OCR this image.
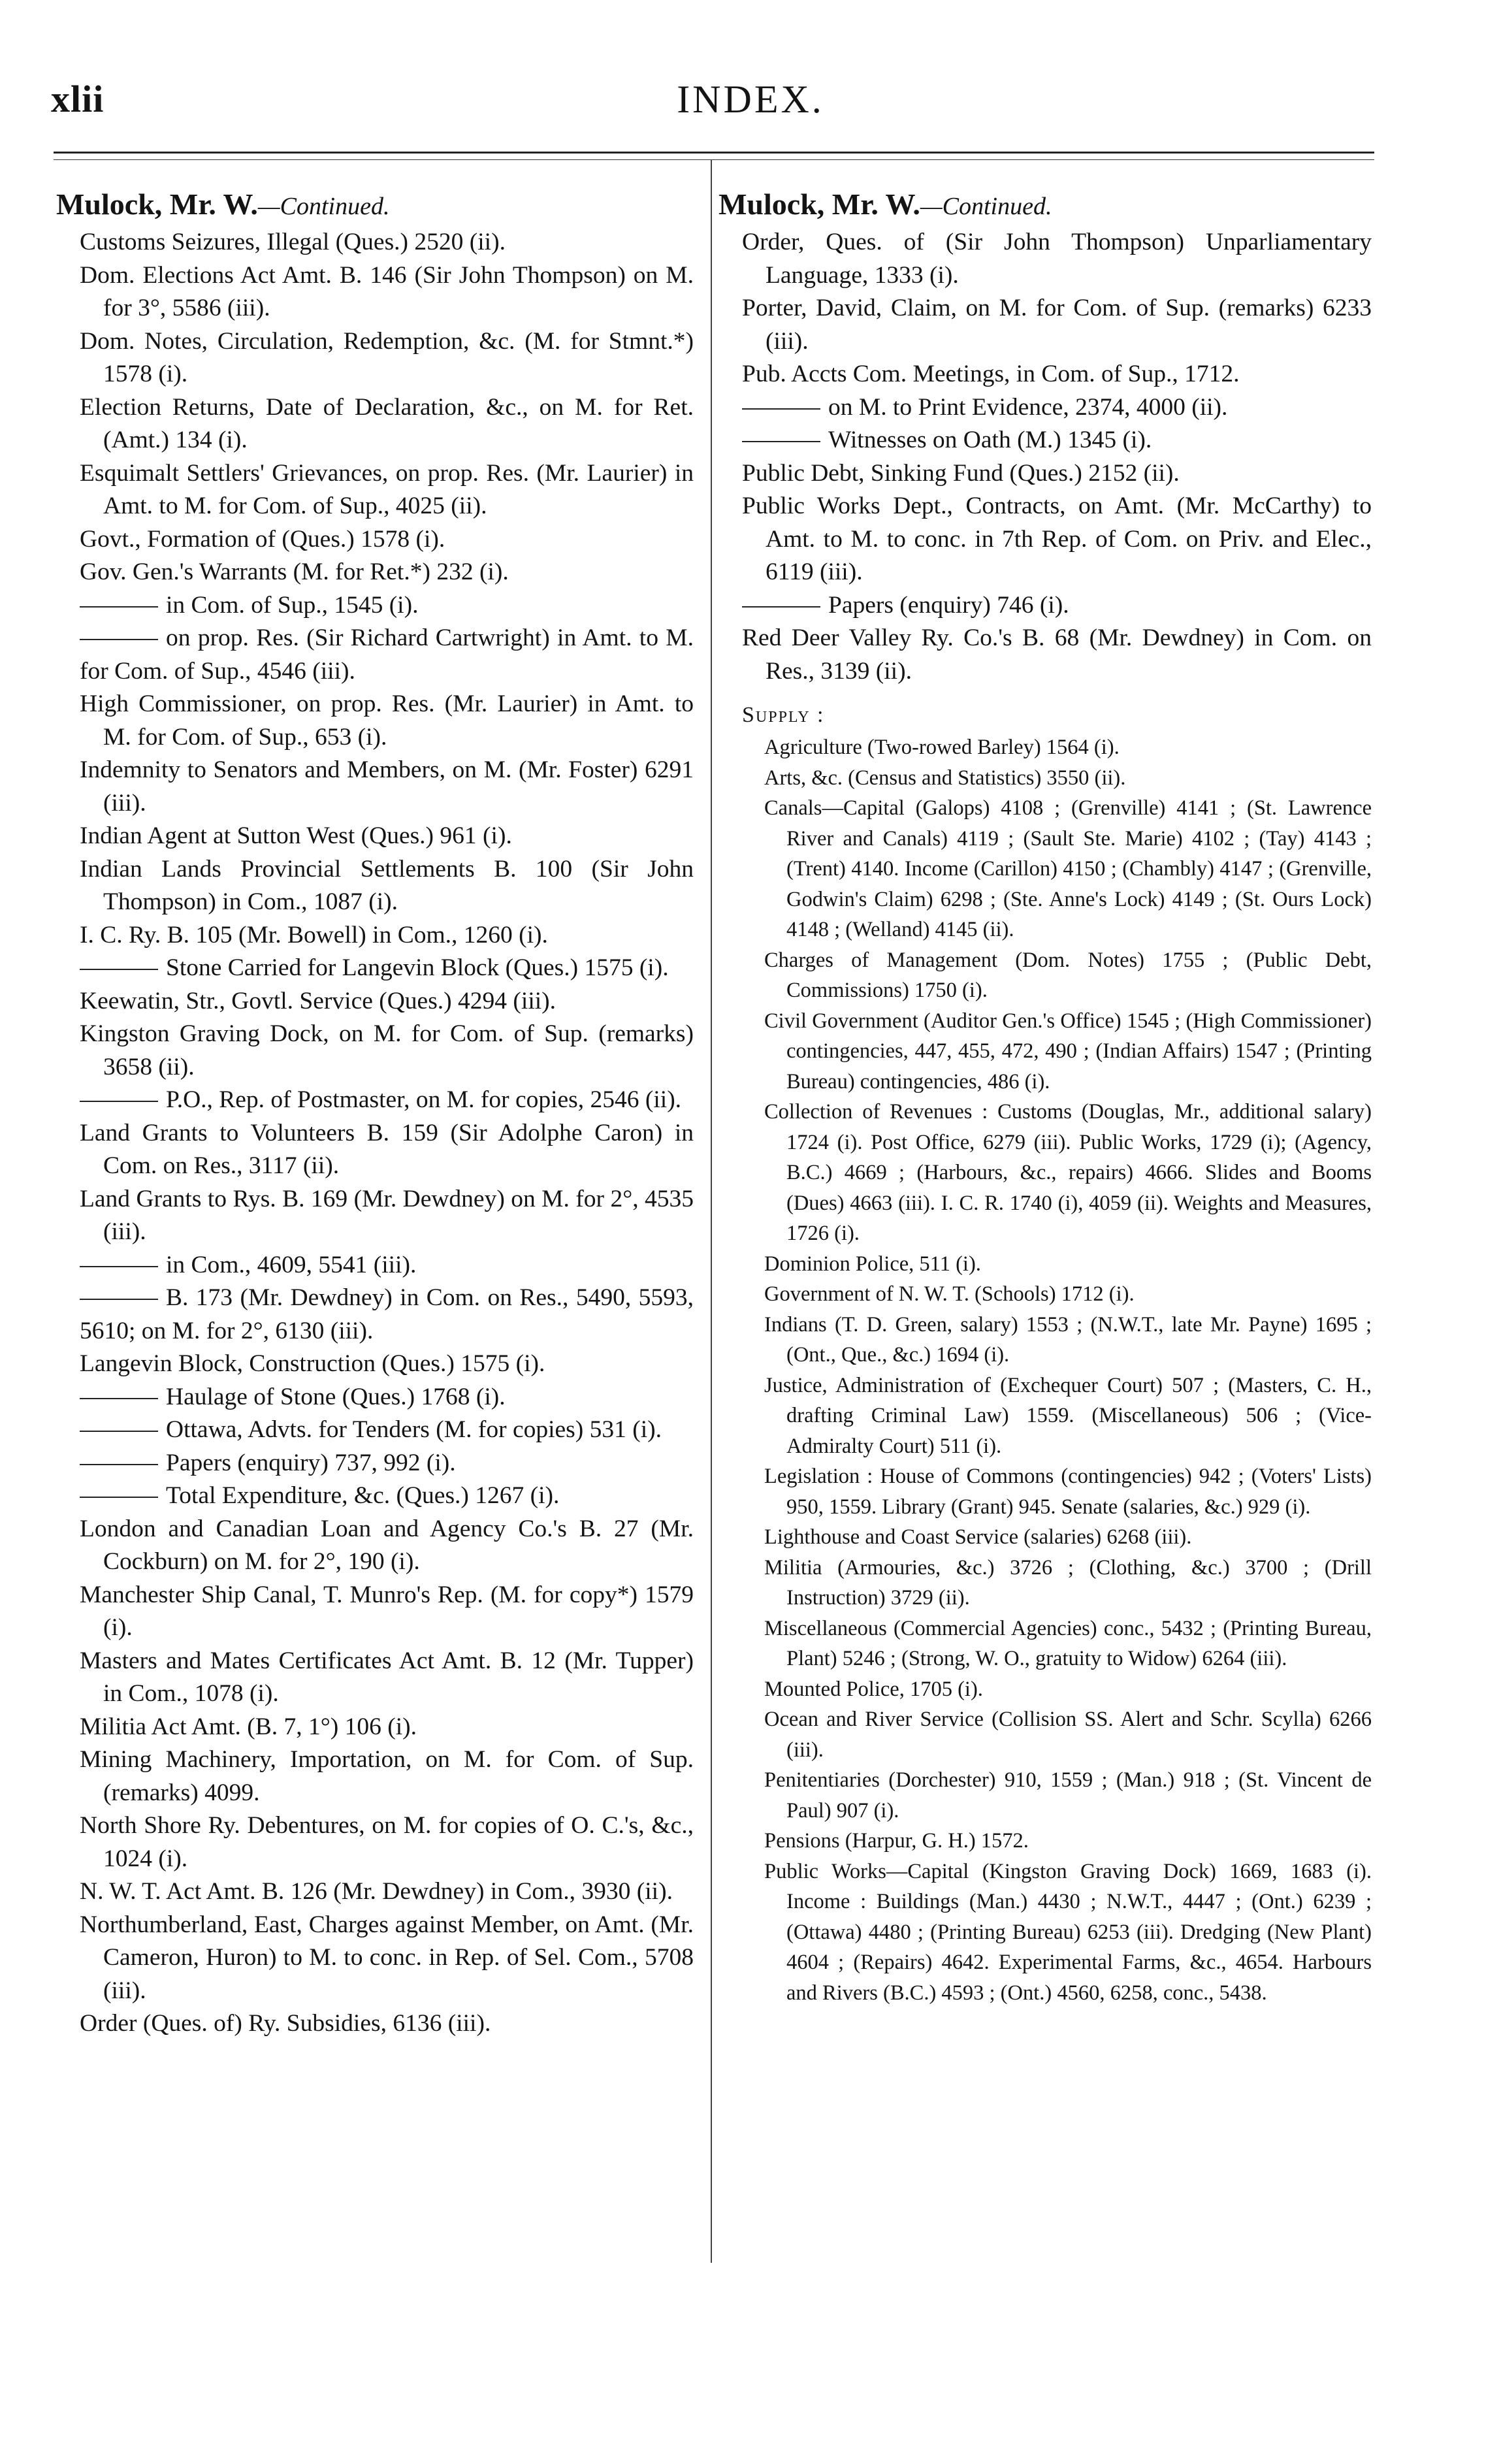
xlii	INDEX.
Mulock, Mr. W.—Continued.
Customs Seizures, Illegal (Ques.) 2520 (ii).
Dom. Elections Act Amt. B. 146 (Sir John Thompson) on M. for 3°, 5586 (iii).
Dom. Notes, Circulation, Redemption, &c. (M. for Stmnt.*) 1578 (i).
Election Returns, Date of Declaration, &c., on M. for Ret. (Amt.) 134 (i).
Esquimalt Settlers' Grievances, on prop. Res. (Mr. Laurier) in Amt. to M. for Com. of Sup., 4025 (ii).
Govt., Formation of (Ques.) 1578 (i).
Gov. Gen.'s Warrants (M. for Ret.*) 232 (i).
in Com. of Sup., 1545 (i).
on prop. Res. (Sir Richard Cartwright) in Amt. to M. for Com. of Sup., 4546 (iii).
High Commissioner, on prop. Res. (Mr. Laurier) in Amt. to M. for Com. of Sup., 653 (i).
Indemnity to Senators and Members, on M. (Mr. Foster) 6291 (iii).
Indian Agent at Sutton West (Ques.) 961 (i).
Indian Lands Provincial Settlements B. 100 (Sir John Thompson) in Com., 1087 (i).
I. C. Ry. B. 105 (Mr. Bowell) in Com., 1260 (i).
Stone Carried for Langevin Block (Ques.) 1575 (i).
Keewatin, Str., Govtl. Service (Ques.) 4294 (iii).
Kingston Graving Dock, on M. for Com. of Sup. (remarks) 3658 (ii).
P.O., Rep. of Postmaster, on M. for copies, 2546 (ii).
Land Grants to Volunteers B. 159 (Sir Adolphe Caron) in Com. on Res., 3117 (ii).
Land Grants to Rys. B. 169 (Mr. Dewdney) on M. for 2°, 4535 (iii).
in Com., 4609, 5541 (iii).
B. 173 (Mr. Dewdney) in Com. on Res., 5490, 5593, 5610; on M. for 2°, 6130 (iii).
Langevin Block, Construction (Ques.) 1575 (i).
Haulage of Stone (Ques.) 1768 (i).
Ottawa, Advts. for Tenders (M. for copies) 531 (i).
Papers (enquiry) 737, 992 (i).
Total Expenditure, &c. (Ques.) 1267 (i).
London and Canadian Loan and Agency Co.'s B. 27 (Mr. Cockburn) on M. for 2°, 190 (i).
Manchester Ship Canal, T. Munro's Rep. (M. for copy*) 1579 (i).
Masters and Mates Certificates Act Amt. B. 12 (Mr. Tupper) in Com., 1078 (i).
Militia Act Amt. (B. 7, 1°) 106 (i).
Mining Machinery, Importation, on M. for Com. of Sup. (remarks) 4099.
North Shore Ry. Debentures, on M. for copies of O. C.'s, &c., 1024 (i).
N. W. T. Act Amt. B. 126 (Mr. Dewdney) in Com., 3930 (ii).
Northumberland, East, Charges against Member, on Amt. (Mr. Cameron, Huron) to M. to conc. in Rep. of Sel. Com., 5708 (iii).
Order (Ques. of) Ry. Subsidies, 6136 (iii).
Mulock, Mr. W.—Continued.
Order, Ques. of (Sir John Thompson) Unparliamentary Language, 1333 (i).
Porter, David, Claim, on M. for Com. of Sup. (remarks) 6233 (iii).
Pub. Accts Com. Meetings, in Com. of Sup., 1712.
on M. to Print Evidence, 2374, 4000 (ii).
Witnesses on Oath (M.) 1345 (i).
Public Debt, Sinking Fund (Ques.) 2152 (ii).
Public Works Dept., Contracts, on Amt. (Mr. McCarthy) to Amt. to M. to conc. in 7th Rep. of Com. on Priv. and Elec., 6119 (iii).
Papers (enquiry) 746 (i).
Red Deer Valley Ry. Co.'s B. 68 (Mr. Dewdney) in Com. on Res., 3139 (ii).
Supply :
Agriculture (Two-rowed Barley) 1564 (i).
Arts, &c. (Census and Statistics) 3550 (ii).
Canals—Capital (Galops) 4108 ; (Grenville) 4141 ; (St. Lawrence River and Canals) 4119 ; (Sault Ste. Marie) 4102 ; (Tay) 4143 ; (Trent) 4140. Income (Carillon) 4150 ; (Chambly) 4147 ; (Grenville, Godwin's Claim) 6298 ; (Ste. Anne's Lock) 4149 ; (St. Ours Lock) 4148 ; (Welland) 4145 (ii).
Charges of Management (Dom. Notes) 1755 ; (Public Debt, Commissions) 1750 (i).
Civil Government (Auditor Gen.'s Office) 1545 ; (High Commissioner) contingencies, 447, 455, 472, 490 ; (Indian Affairs) 1547 ; (Printing Bureau) contingencies, 486 (i).
Collection of Revenues : Customs (Douglas, Mr., additional salary) 1724 (i). Post Office, 6279 (iii). Public Works, 1729 (i); (Agency, B.C.) 4669 ; (Harbours, &c., repairs) 4666. Slides and Booms (Dues) 4663 (iii). I. C. R. 1740 (i), 4059 (ii). Weights and Measures, 1726 (i).
Dominion Police, 511 (i).
Government of N. W. T. (Schools) 1712 (i).
Indians (T. D. Green, salary) 1553 ; (N.W.T., late Mr. Payne) 1695 ; (Ont., Que., &c.) 1694 (i).
Justice, Administration of (Exchequer Court) 507 ; (Masters, C. H., drafting Criminal Law) 1559. (Miscellaneous) 506 ; (Vice-Admiralty Court) 511 (i).
Legislation : House of Commons (contingencies) 942 ; (Voters' Lists) 950, 1559. Library (Grant) 945. Senate (salaries, &c.) 929 (i).
Lighthouse and Coast Service (salaries) 6268 (iii).
Militia (Armouries, &c.) 3726 ; (Clothing, &c.) 3700 ; (Drill Instruction) 3729 (ii).
Miscellaneous (Commercial Agencies) conc., 5432 ; (Printing Bureau, Plant) 5246 ; (Strong, W. O., gratuity to Widow) 6264 (iii).
Mounted Police, 1705 (i).
Ocean and River Service (Collision SS. Alert and Schr. Scylla) 6266 (iii).
Penitentiaries (Dorchester) 910, 1559 ; (Man.) 918 ; (St. Vincent de Paul) 907 (i).
Pensions (Harpur, G. H.) 1572.
Public Works—Capital (Kingston Graving Dock) 1669, 1683 (i). Income : Buildings (Man.) 4430 ; N.W.T., 4447 ; (Ont.) 6239 ; (Ottawa) 4480 ; (Printing Bureau) 6253 (iii). Dredging (New Plant) 4604 ; (Repairs) 4642. Experimental Farms, &c., 4654. Harbours and Rivers (B.C.) 4593 ; (Ont.) 4560, 6258, conc., 5438.
